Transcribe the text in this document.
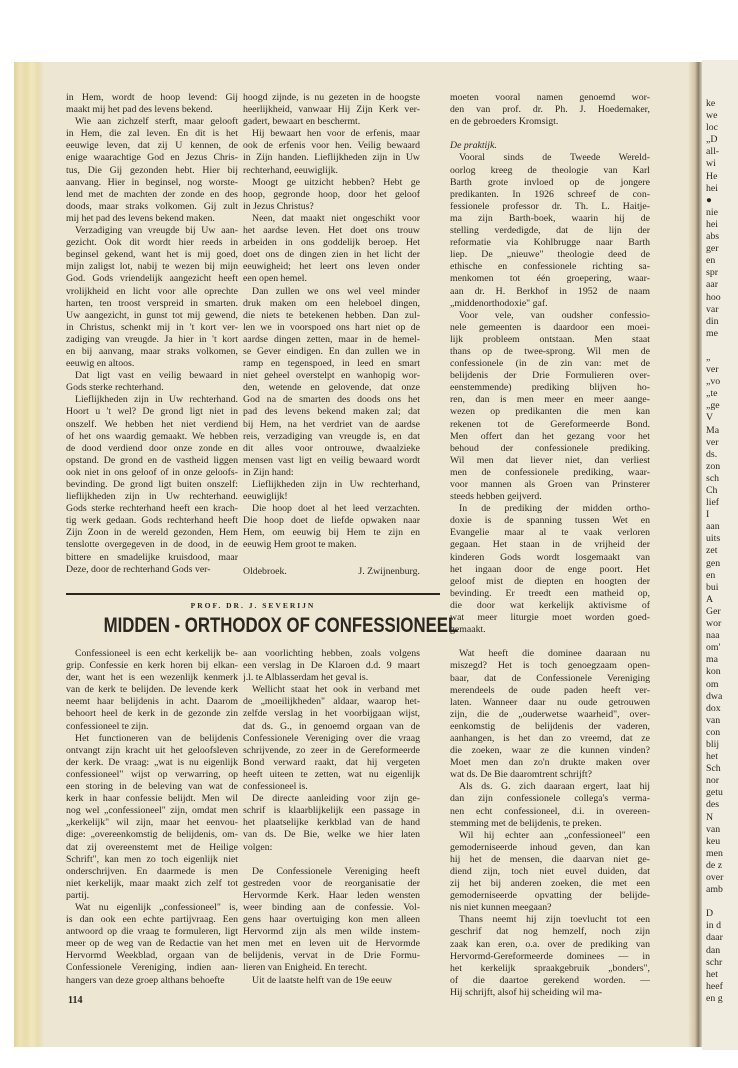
ke
we
loc
„D
all-
wi
He
hei
●
nie
hei
abs
ger
en
spr
aar
hoo
var
din
me
„
ver
„vo
„te
„ge
V
Ma
ver
ds.
zon
sch
Ch
lief
I
aan
uits
zet
gen
en
bui
A
Ger
wor
naa
om'
ma
kon
om
dwa
dox
van
con
blij
het
Sch
nor
getu
des
N
van
keu
men
de z
over
amb
D
in d
daar
dan
schr
het
heef
en g
in Hem, wordt de hoop levend: Gij
maakt mij het pad des levens bekend.
Wie aan zichzelf sterft, maar gelooft
in Hem, die zal leven. En dit is het
eeuwige leven, dat zij U kennen, de
enige waarachtige God en Jezus Chris-
tus, Die Gij gezonden hebt. Hier bij
aanvang. Hier in beginsel, nog worste-
lend met de machten der zonde en des
doods, maar straks volkomen. Gij zult
mij het pad des levens bekend maken.
Verzadiging van vreugde bij Uw aan-
gezicht. Ook dit wordt hier reeds in
beginsel gekend, want het is mij goed,
mijn zaligst lot, nabij te wezen bij mijn
God. Gods vriendelijk aangezicht heeft
vrolijkheid en licht voor alle oprechte
harten, ten troost verspreid in smarten.
Uw aangezicht, in gunst tot mij gewend,
in Christus, schenkt mij in 't kort ver-
zadiging van vreugde. Ja hier in 't kort
en bij aanvang, maar straks volkomen,
eeuwig en altoos.
Dat ligt vast en veilig bewaard in
Gods sterke rechterhand.
Lieflijkheden zijn in Uw rechterhand.
Hoort u 't wel? De grond ligt niet in
onszelf. We hebben het niet verdiend
of het ons waardig gemaakt. We hebben
de dood verdiend door onze zonde en
opstand. De grond en de vastheid liggen
ook niet in ons geloof of in onze geloofs-
bevinding. De grond ligt buiten onszelf:
lieflijkheden zijn in Uw rechterhand.
Gods sterke rechterhand heeft een krach-
tig werk gedaan. Gods rechterhand heeft
Zijn Zoon in de wereld gezonden, Hem
tenslotte overgegeven in de dood, in de
bittere en smadelijke kruisdood, maar
Deze, door de rechterhand Gods ver-
hoogd zijnde, is nu gezeten in de hoogste
heerlijkheid, vanwaar Hij Zijn Kerk ver-
gadert, bewaart en beschermt.
Hij bewaart hen voor de erfenis, maar
ook de erfenis voor hen. Veilig bewaard
in Zijn handen. Lieflijkheden zijn in Uw
rechterhand, eeuwiglijk.
Moogt ge uitzicht hebben? Hebt ge
hoop, gegronde hoop, door het geloof
in Jezus Christus?
Neen, dat maakt niet ongeschikt voor
het aardse leven. Het doet ons trouw
arbeiden in ons goddelijk beroep. Het
doet ons de dingen zien in het licht der
eeuwigheid; het leert ons leven onder
een open hemel.
Dan zullen we ons wel veel minder
druk maken om een heleboel dingen,
die niets te betekenen hebben. Dan zul-
len we in voorspoed ons hart niet op de
aardse dingen zetten, maar in de hemel-
se Gever eindigen. En dan zullen we in
ramp en tegenspoed, in leed en smart
niet geheel overstelpt en wanhopig wor-
den, wetende en gelovende, dat onze
God na de smarten des doods ons het
pad des levens bekend maken zal; dat
bij Hem, na het verdriet van de aardse
reis, verzadiging van vreugde is, en dat
dit alles voor ontrouwe, dwaalzieke
mensen vast ligt en veilig bewaard wordt
in Zijn hand:
Lieflijkheden zijn in Uw rechterhand,
eeuwiglijk!
Die hoop doet al het leed verzachten.
Die hoop doet de liefde opwaken naar
Hem, om eeuwig bij Hem te zijn en
eeuwig Hem groot te maken.
Oldebroek.	J. Zwijnenburg.
PROF. DR. J. SEVERIJN
MIDDEN - ORTHODOX OF CONFESSIONEEL
Confessioneel is een echt kerkelijk be-
grip. Confessie en kerk horen bij elkan-
der, want het is een wezenlijk kenmerk
van de kerk te belijden. De levende kerk
neemt haar belijdenis in acht. Daarom
behoort heel de kerk in de gezonde zin
confessioneel te zijn.
Het functioneren van de belijdenis
ontvangt zijn kracht uit het geloofsleven
der kerk. De vraag: „wat is nu eigenlijk
confessioneel" wijst op verwarring, op
een storing in de beleving van wat de
kerk in haar confessie belijdt. Men wil
nog wel „confessioneel" zijn, omdat men
„kerkelijk" wil zijn, maar het eenvou-
dige: „overeenkomstig de belijdenis, om-
dat zij overeenstemt met de Heilige
Schrift", kan men zo toch eigenlijk niet
onderschrijven. En daarmede is men
niet kerkelijk, maar maakt zich zelf tot
partij.
Wat nu eigenlijk „confessioneel" is,
is dan ook een echte partijvraag. Een
antwoord op die vraag te formuleren, ligt
meer op de weg van de Redactie van het
Hervormd Weekblad, orgaan van de
Confessionele Vereniging, indien aan-
hangers van deze groep althans behoefte
aan voorlichting hebben, zoals volgens
een verslag in De Klaroen d.d. 9 maart
j.l. te Alblasserdam het geval is.
Wellicht staat het ook in verband met
de „moeilijkheden" aldaar, waarop het-
zelfde verslag in het voorbijgaan wijst,
dat ds. G., in genoemd orgaan van de
Confessionele Vereniging over die vraag
schrijvende, zo zeer in de Gereformeerde
Bond verward raakt, dat hij vergeten
heeft uiteen te zetten, wat nu eigenlijk
confessioneel is.
De directe aanleiding voor zijn ge-
schrif is klaarblijkelijk een passage in
het plaatselijke kerkblad van de hand
van ds. De Bie, welke we hier laten
volgen:
De Confessionele Vereniging heeft
gestreden voor de reorganisatie der
Hervormde Kerk. Haar leden wensten
weer binding aan de confessie. Vol-
gens haar overtuiging kon men alleen
Hervormd zijn als men wilde instem-
men met en leven uit de Hervormde
belijdenis, vervat in de Drie Formu-
lieren van Enigheid. En terecht.
Uit de laatste helft van de 19e eeuw
moeten vooral namen genoemd wor-
den van prof. dr. Ph. J. Hoedemaker,
en de gebroeders Kromsigt.
De praktijk.
Vooral sinds de Tweede Wereld-
oorlog kreeg de theologie van Karl
Barth grote invloed op de jongere
predikanten. In 1926 schreef de con-
fessionele professor dr. Th. L. Haitje-
ma zijn Barth-boek, waarin hij de
stelling verdedigde, dat de lijn der
reformatie via Kohlbrugge naar Barth
liep. De „nieuwe" theologie deed de
ethische en confessionele richting sa-
menkomen tot één groepering, waar-
aan dr. H. Berkhof in 1952 de naam
„middenorthodoxie" gaf.
Voor vele, van oudsher confessio-
nele gemeenten is daardoor een moei-
lijk probleem ontstaan. Men staat
thans op de twee-sprong. Wil men de
confessionele (in de zin van: met de
belijdenis der Drie Formulieren over-
eenstemmende) prediking blijven ho-
ren, dan is men meer en meer aange-
wezen op predikanten die men kan
rekenen tot de Gereformeerde Bond.
Men offert dan het gezang voor het
behoud der confessionele prediking.
Wil men dat liever niet, dan verliest
men de confessionele prediking, waar-
voor mannen als Groen van Prinsterer
steeds hebben geijverd.
In de prediking der midden ortho-
doxie is de spanning tussen Wet en
Evangelie maar al te vaak verloren
gegaan. Het staan in de vrijheid der
kinderen Gods wordt losgemaakt van
het ingaan door de enge poort. Het
geloof mist de diepten en hoogten der
bevinding. Er treedt een matheid op,
die door wat kerkelijk aktivisme of
wat meer liturgie moet worden goed-
gemaakt.
Wat heeft die dominee daaraan nu
miszegd? Het is toch genoegzaam open-
baar, dat de Confessionele Vereniging
merendeels de oude paden heeft ver-
laten. Wanneer daar nu oude getrouwen
zijn, die de „ouderwetse waarheid", over-
eenkomstig de belijdenis der vaderen,
aanhangen, is het dan zo vreemd, dat ze
die zoeken, waar ze die kunnen vinden?
Moet men dan zo'n drukte maken over
wat ds. De Bie daaromtrent schrijft?
Als ds. G. zich daaraan ergert, laat hij
dan zijn confessionele collega's verma-
nen echt confessioneel, d.i. in overeen-
stemming met de belijdenis, te preken.
Wil hij echter aan „confessioneel" een
gemoderniseerde inhoud geven, dan kan
hij het de mensen, die daarvan niet ge-
diend zijn, toch niet euvel duiden, dat
zij het bij anderen zoeken, die met een
gemoderniseerde opvatting der belijde-
nis niet kunnen meegaan?
Thans neemt hij zijn toevlucht tot een
geschrif dat nog hemzelf, noch zijn
zaak kan eren, o.a. over de prediking van
Hervormd-Gereformeerde dominees — in
het kerkelijk spraakgebruik „bonders",
of die daartoe gerekend worden. —
Hij schrijft, alsof hij scheiding wil ma-
114
